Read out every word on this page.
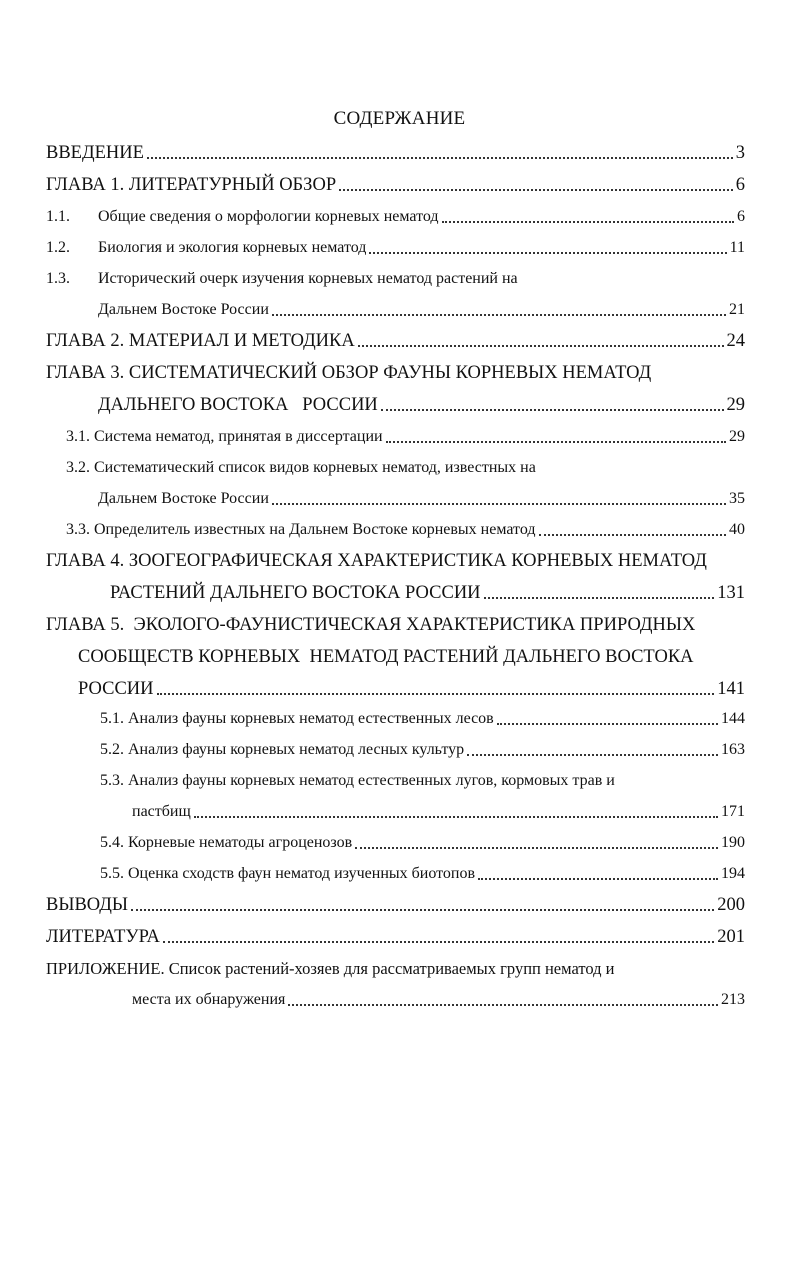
СОДЕРЖАНИЕ
ВВЕДЕНИЕ	3
ГЛАВА 1. ЛИТЕРАТУРНЫЙ ОБЗОР	6
1.1.	Общие сведения о морфологии корневых нематод	6
1.2.	Биология и экология корневых нематод	11
1.3.	Исторический очерк изучения корневых нематод растений на
Дальнем Востоке России	21
ГЛАВА 2. МАТЕРИАЛ И МЕТОДИКА	24
ГЛАВА 3. СИСТЕМАТИЧЕСКИЙ ОБЗОР ФАУНЫ КОРНЕВЫХ НЕМАТОД
ДАЛЬНЕГО ВОСТОКА   РОССИИ	29
3.1. Система нематод, принятая в диссертации	29
3.2. Систематический список видов корневых нематод, известных на
Дальнем Востоке России	35
3.3. Определитель известных на Дальнем Востоке корневых нематод	40
ГЛАВА 4. ЗООГЕОГРАФИЧЕСКАЯ ХАРАКТЕРИСТИКА КОРНЕВЫХ НЕМАТОД
РАСТЕНИЙ ДАЛЬНЕГО ВОСТОКА РОССИИ	131
ГЛАВА 5.  ЭКОЛОГО-ФАУНИСТИЧЕСКАЯ ХАРАКТЕРИСТИКА ПРИРОДНЫХ
СООБЩЕСТВ КОРНЕВЫХ  НЕМАТОД РАСТЕНИЙ ДАЛЬНЕГО ВОСТОКА
РОССИИ	141
5.1. Анализ фауны корневых нематод естественных лесов	144
5.2. Анализ фауны корневых нематод лесных культур	163
5.3. Анализ фауны корневых нематод естественных лугов, кормовых трав и
пастбищ	171
5.4. Корневые нематоды агроценозов	190
5.5. Оценка сходств фаун нематод изученных биотопов	194
ВЫВОДЫ	200
ЛИТЕРАТУРА	201
ПРИЛОЖЕНИЕ. Список растений-хозяев для рассматриваемых групп нематод и
места их обнаружения	213
